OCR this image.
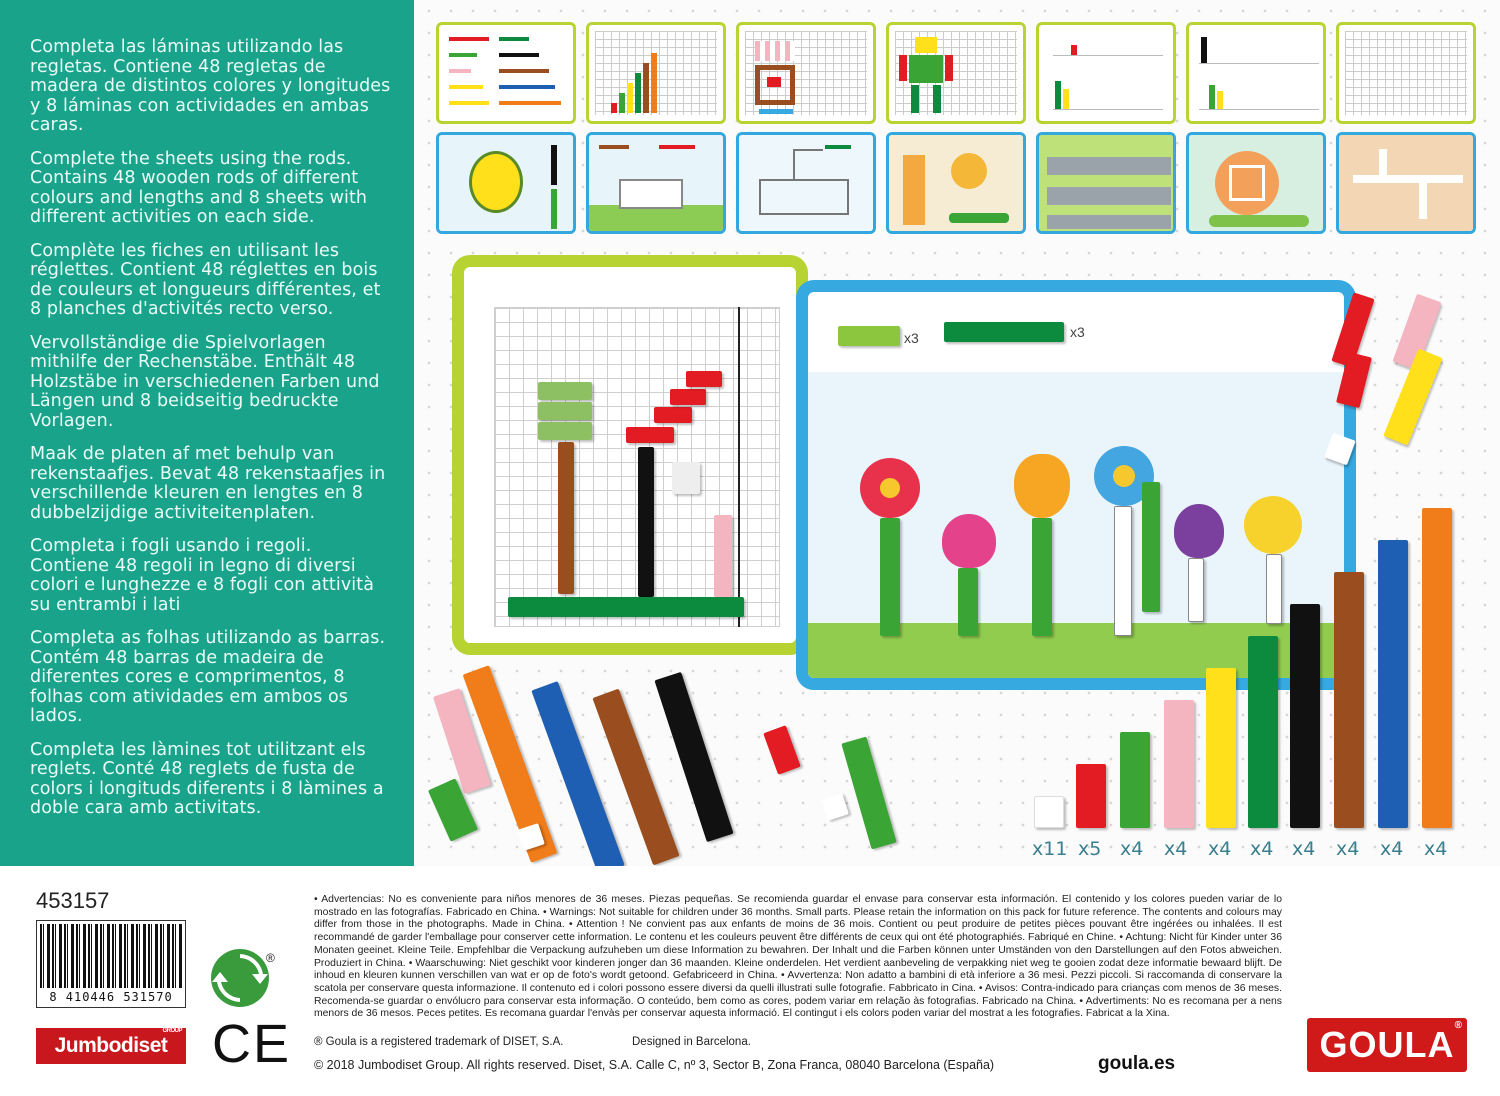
Completa las láminas utilizando las regletas. Contiene 48 regletas de madera de distintos colores y longitudes y 8 láminas con actividades en ambas caras.

Complete the sheets using the rods. Contains 48 wooden rods of different colours and lengths and 8 sheets with different activities on each side.

Complète les fiches en utilisant les réglettes. Contient 48 réglettes en bois de couleurs et longueurs différentes, et 8 planches d'activités recto verso.

Vervollständige die Spielvorlagen mithilfe der Rechenstäbe. Enthält 48 Holzstäbe in verschiedenen Farben und Längen und 8 beidseitig bedruckte Vorlagen.

Maak de platen af met behulp van rekenstaafjes. Bevat 48 rekenstaafjes in verschillende kleuren en lengtes en 8 dubbelzijdige activiteitenplaten.

Completa i fogli usando i regoli. Contiene 48 regoli in legno di diversi colori e lunghezze e 8 fogli con attività su entrambi i lati

Completa as folhas utilizando as barras. Contém 48 barras de madeira de diferentes cores e comprimentos, 8 folhas com atividades em ambos os lados.

Completa les làmines tot utilitzant els reglets. Conté 48 reglets de fusta de colors i longituds diferents i 8 làmines a doble cara amb activitats.

x3	x3
x11 x5 x4 x4 x4 x4 x4 x4 x4 x4
453157
8 410446 531570
Jumbodiset
GROUP
®
CE
• Advertencias: No es conveniente para niños menores de 36 meses. Piezas pequeñas. Se recomienda guardar el envase para conservar esta información. El contenido y los colores pueden variar de lo mostrado en las fotografías. Fabricado en China. • Warnings: Not suitable for children under 36 months. Small parts. Please retain the information on this pack for future reference. The contents and colours may differ from those in the photographs. Made in China. • Attention ! Ne convient pas aux enfants de moins de 36 mois. Contient ou peut produire de petites pièces pouvant être ingérées ou inhalées. Il est recommandé de garder l'emballage pour conserver cette information. Le contenu et les couleurs peuvent être différents de ceux qui ont été photographiés. Fabriqué en Chine. • Achtung: Nicht für Kinder unter 36 Monaten geeinet. Kleine Teile. Empfehlbar die Verpackung aufzuheben um diese Information zu bewahren. Der Inhalt und die Farben können unter Umständen von den Darstellungen auf den Fotos abweichen. Produziert in China. • Waarschuwing: Niet geschikt voor kinderen jonger dan 36 maanden. Kleine onderdelen. Het verdient aanbeveling de verpakking niet weg te gooien zodat deze informatie bewaard blijft. De inhoud en kleuren kunnen verschillen van wat er op de foto's wordt getoond. Gefabriceerd in China. • Avvertenza: Non adatto a bambini di età inferiore a 36 mesi. Pezzi piccoli. Si raccomanda di conservare la scatola per conservare questa informazione. Il contenuto ed i colori possono essere diversi da quelli illustrati sulle fotografie. Fabbricato in Cina. • Avisos: Contra-indicado para crianças com menos de 36 meses. Recomenda-se guardar o envólucro para conservar esta informação. O conteúdo, bem como as cores, podem variar em relação às fotografias. Fabricado na China. • Advertiments: No es recomana per a nens menors de 36 mesos. Peces petites. Es recomana guardar l'envàs per conservar aquesta informació. El contingut i els colors poden variar del mostrat a les fotografies. Fabricat a la Xina.
® Goula is a registered trademark of DISET, S.A.	Designed in Barcelona.
© 2018 Jumbodiset Group. All rights reserved. Diset, S.A. Calle C, nº 3, Sector B, Zona Franca, 08040 Barcelona (España)	goula.es	GOULA ®
